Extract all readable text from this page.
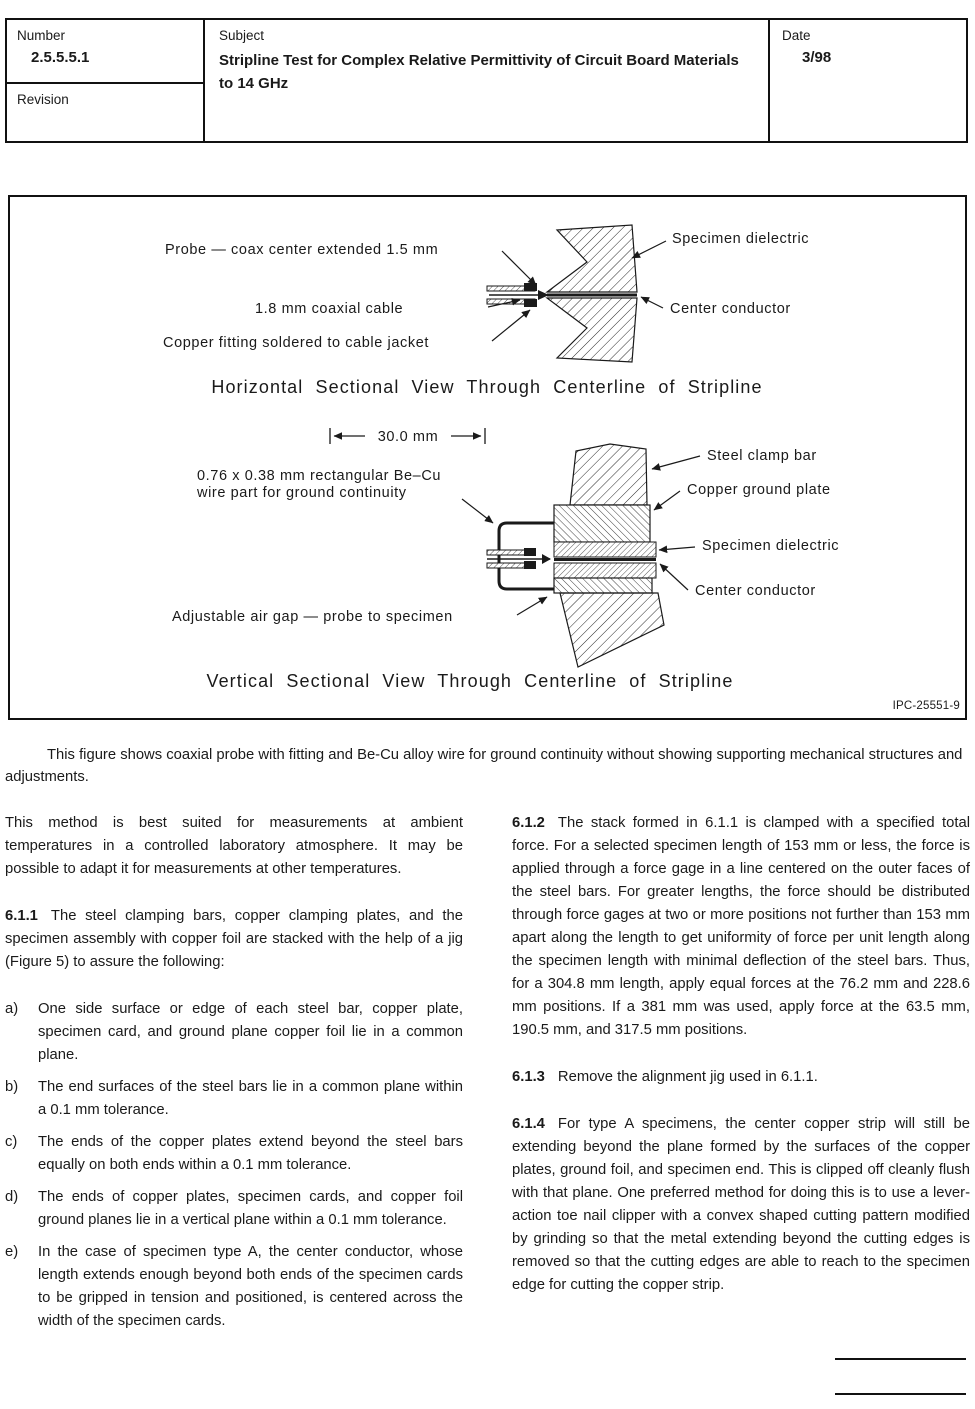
Number
2.5.5.5.1
Revision
Subject
Stripline Test for Complex Relative Permittivity of Circuit Board Materials to 14 GHz
Date
3/98
Probe — coax center extended 1.5 mm
1.8 mm coaxial cable
Copper fitting soldered to cable jacket
Specimen dielectric
Center conductor
Horizontal Sectional View Through Centerline of Stripline
30.0 mm
0.76 x 0.38 mm rectangular Be–Cu
wire part for ground continuity
Steel clamp bar
Copper ground plate
Specimen dielectric
Center conductor
Adjustable air gap — probe to specimen
Vertical Sectional View Through Centerline of Stripline
IPC-25551-9

This figure shows coaxial probe with fitting and Be-Cu alloy wire for ground continuity without showing supporting mechanical structures and adjustments.

This method is best suited for measurements at ambient temperatures in a controlled laboratory atmosphere. It may be possible to adapt it for measurements at other temperatures.

6.1.1 The steel clamping bars, copper clamping plates, and the specimen assembly with copper foil are stacked with the help of a jig (Figure 5) to assure the following:

a)	One side surface or edge of each steel bar, copper plate, specimen card, and ground plane copper foil lie in a common plane.
b)	The end surfaces of the steel bars lie in a common plane within a 0.1 mm tolerance.
c)	The ends of the copper plates extend beyond the steel bars equally on both ends within a 0.1 mm tolerance.
d)	The ends of copper plates, specimen cards, and copper foil ground planes lie in a vertical plane within a 0.1 mm tolerance.
e)	In the case of specimen type A, the center conductor, whose length extends enough beyond both ends of the specimen cards to be gripped in tension and positioned, is centered across the width of the specimen cards.

6.1.2 The stack formed in 6.1.1 is clamped with a specified total force. For a selected specimen length of 153 mm or less, the force is applied through a force gage in a line centered on the outer faces of the steel bars. For greater lengths, the force should be distributed through force gages at two or more positions not further than 153 mm apart along the length to get uniformity of force per unit length along the specimen length with minimal deflection of the steel bars. Thus, for a 304.8 mm length, apply equal forces at the 76.2 mm and 228.6 mm positions. If a 381 mm was used, apply force at the 63.5 mm, 190.5 mm, and 317.5 mm positions.

6.1.3 Remove the alignment jig used in 6.1.1.

6.1.4 For type A specimens, the center copper strip will still be extending beyond the plane formed by the surfaces of the copper plates, ground foil, and specimen end. This is clipped off cleanly flush with that plane. One preferred method for doing this is to use a lever-action toe nail clipper with a convex shaped cutting pattern modified by grinding so that the metal extending beyond the cutting edges is removed so that the cutting edges are able to reach to the specimen edge for cutting the copper strip.
